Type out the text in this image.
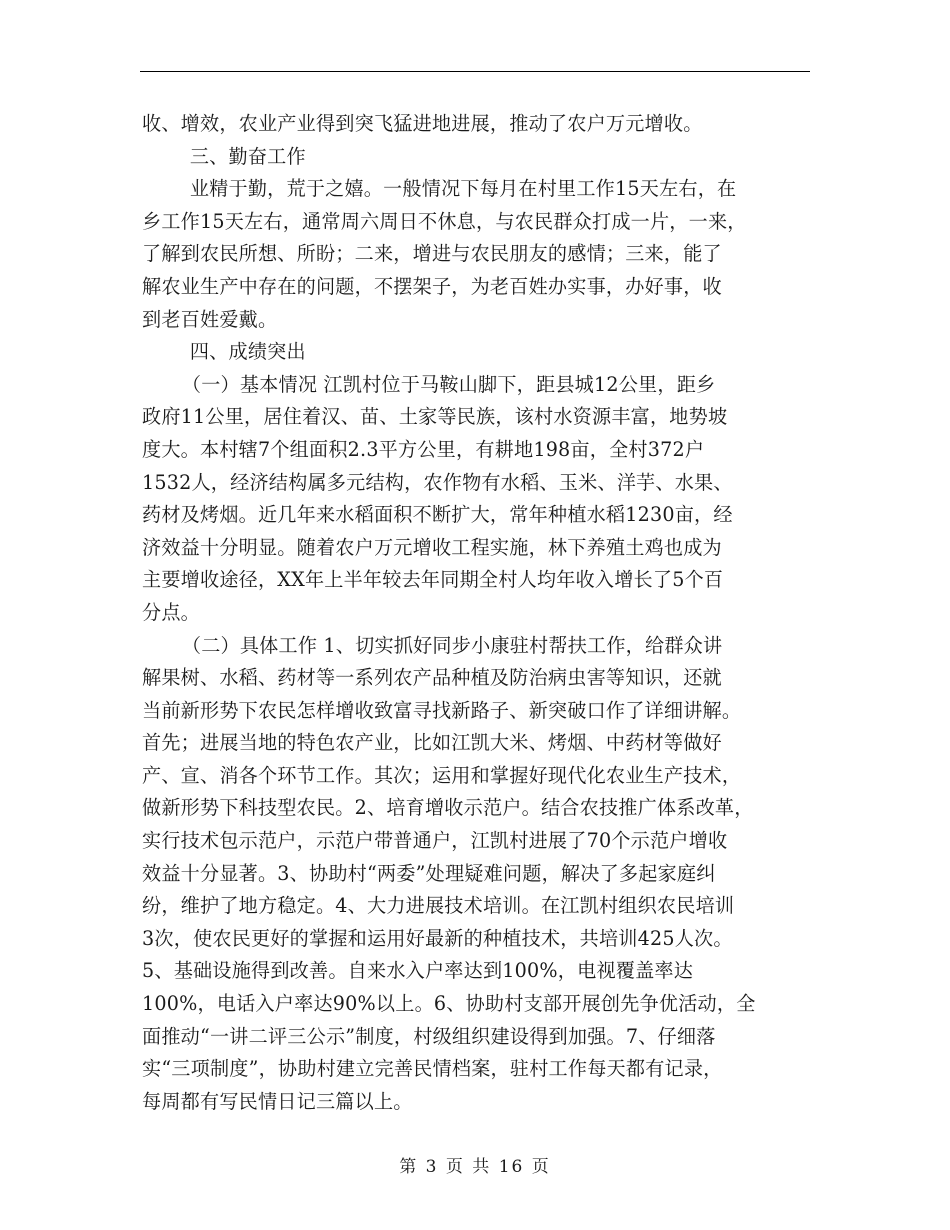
收、增效，农业产业得到突飞猛进地进展，推动了农户万元增收。
三、勤奋工作
业精于勤，荒于之嬉。一般情况下每月在村里工作15天左右，在
乡工作15天左右，通常周六周日不休息，与农民群众打成一片，一来，
了解到农民所想、所盼；二来，增进与农民朋友的感情；三来，能了
解农业生产中存在的问题，不摆架子，为老百姓办实事，办好事，收
到老百姓爱戴。
四、成绩突出
（一）基本情况 江凯村位于马鞍山脚下，距县城12公里，距乡
政府11公里，居住着汉、苗、土家等民族，该村水资源丰富，地势坡
度大。本村辖7个组面积2.3平方公里，有耕地198亩，全村372户
1532人，经济结构属多元结构，农作物有水稻、玉米、洋芋、水果、
药材及烤烟。近几年来水稻面积不断扩大，常年种植水稻1230亩，经
济效益十分明显。随着农户万元增收工程实施，林下养殖土鸡也成为
主要增收途径，XX年上半年较去年同期全村人均年收入增长了5个百
分点。
（二）具体工作 1、切实抓好同步小康驻村帮扶工作，给群众讲
解果树、水稻、药材等一系列农产品种植及防治病虫害等知识，还就
当前新形势下农民怎样增收致富寻找新路子、新突破口作了详细讲解。
首先；进展当地的特色农产业，比如江凯大米、烤烟、中药材等做好
产、宣、消各个环节工作。其次；运用和掌握好现代化农业生产技术，
做新形势下科技型农民。2、培育增收示范户。结合农技推广体系改革，
实行技术包示范户，示范户带普通户，江凯村进展了70个示范户增收
效益十分显著。3、协助村“两委”处理疑难问题，解决了多起家庭纠
纷，维护了地方稳定。4、大力进展技术培训。在江凯村组织农民培训
3次，使农民更好的掌握和运用好最新的种植技术，共培训425人次。
5、基础设施得到改善。自来水入户率达到100%，电视覆盖率达
100%，电话入户率达90%以上。6、协助村支部开展创先争优活动，全
面推动“一讲二评三公示”制度，村级组织建设得到加强。7、仔细落
实“三项制度”，协助村建立完善民情档案，驻村工作每天都有记录，
每周都有写民情日记三篇以上。
第 3 页 共 16 页
